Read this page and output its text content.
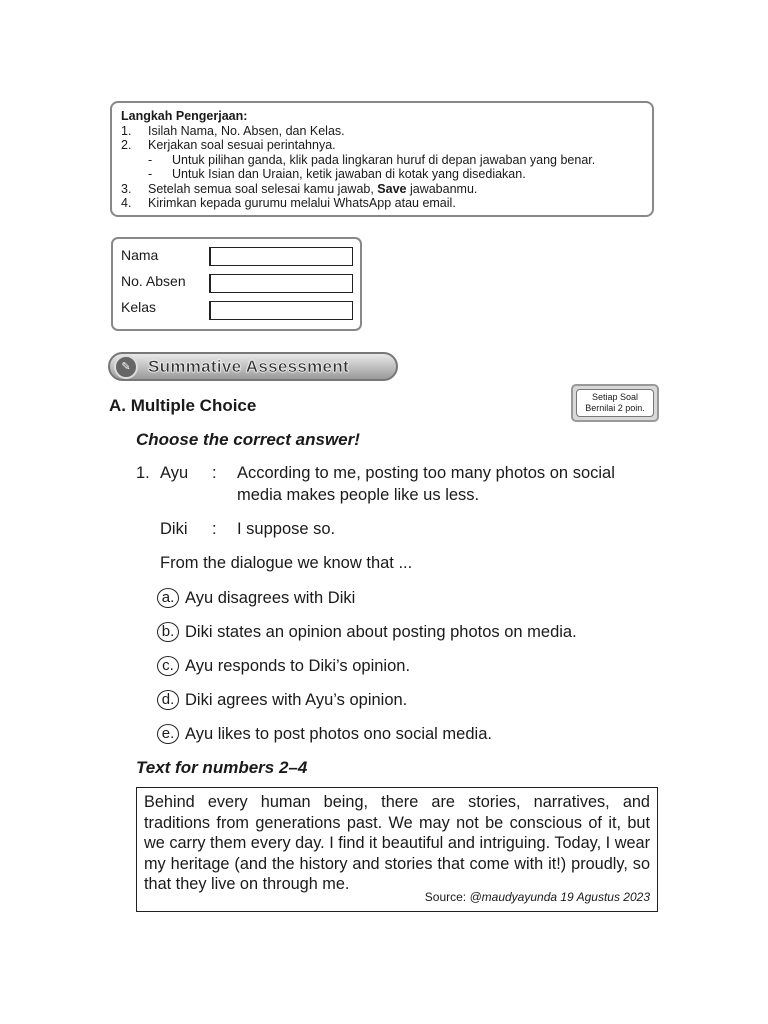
Langkah Pengerjaan:
1.	Isilah Nama, No. Absen, dan Kelas.
2.	Kerjakan soal sesuai perintahnya.
-	Untuk pilihan ganda, klik pada lingkaran huruf di depan jawaban yang benar.
-	Untuk Isian dan Uraian, ketik jawaban di kotak yang disediakan.
3.	Setelah semua soal selesai kamu jawab, Save jawabanmu.
4.	Kirimkan kepada gurumu melalui WhatsApp atau email.
Nama
No. Absen
Kelas
✎	Summative Assessment
A. Multiple Choice	Setiap Soal
Bernilai 2 poin.
Choose the correct answer!
1. Ayu : According to me, posting too many photos on social
media makes people like us less.
Diki : I suppose so.
From the dialogue we know that ...
a. Ayu disagrees with Diki
b. Diki states an opinion about posting photos on media.
c. Ayu responds to Diki’s opinion.
d. Diki agrees with Ayu’s opinion.
e. Ayu likes to post photos ono social media.
Text for numbers 2–4
Behind every human being, there are stories, narratives, and traditions from generations past. We may not be conscious of it, but we carry them every day. I find it beautiful and intriguing. Today, I wear my heritage (and the history and stories that come with it!) proudly, so that they live on through me.
Source: @maudyayunda 19 Agustus 2023
